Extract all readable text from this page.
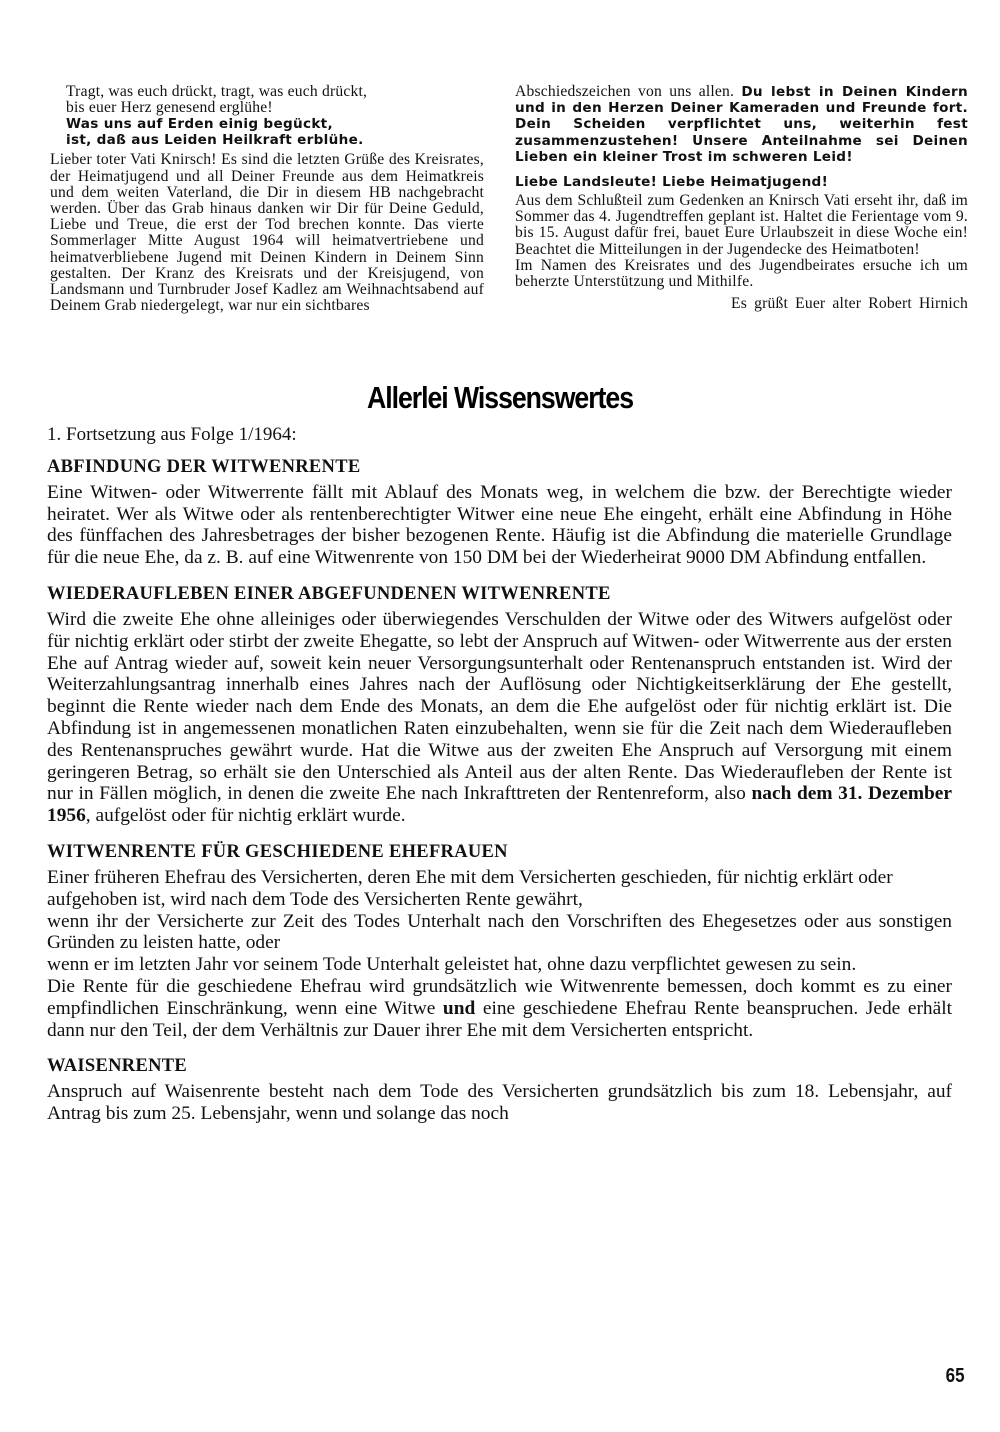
Tragt, was euch drückt, tragt, was euch drückt,
bis euer Herz genesend erglühe!
Was uns auf Erden einig begückt,
ist, daß aus Leiden Heilkraft erblühe.

Lieber toter Vati Knirsch! Es sind die letzten Grüße des Kreisrates, der Heimatjugend und all Deiner Freunde aus dem Heimatkreis und dem weiten Vaterland, die Dir in diesem HB nachgebracht werden. Über das Grab hinaus danken wir Dir für Deine Geduld, Liebe und Treue, die erst der Tod brechen konnte. Das vierte Sommerlager Mitte August 1964 will heimatvertriebene und heimatverbliebene Jugend mit Deinen Kindern in Deinem Sinn gestalten. Der Kranz des Kreisrats und der Kreisjugend, von Landsmann und Turnbruder Josef Kadlez am Weihnachtsabend auf Deinem Grab niedergelegt, war nur ein sichtbares

Abschiedszeichen von uns allen. Du lebst in Deinen Kindern und in den Herzen Deiner Kameraden und Freunde fort. Dein Scheiden verpflichtet uns, weiterhin fest zusammenzustehen! Unsere Anteilnahme sei Deinen Lieben ein kleiner Trost im schweren Leid!

Liebe Landsleute! Liebe Heimatjugend!

Aus dem Schlußteil zum Gedenken an Knirsch Vati erseht ihr, daß im Sommer das 4. Jugendtreffen geplant ist. Haltet die Ferientage vom 9. bis 15. August dafür frei, bauet Eure Urlaubszeit in diese Woche ein! Beachtet die Mitteilungen in der Jugendecke des Heimatboten!

Im Namen des Kreisrates und des Jugendbeirates ersuche ich um beherzte Unterstützung und Mithilfe.

Es grüßt Euer alter Robert Hirnich

Allerlei Wissenswertes

1. Fortsetzung aus Folge 1/1964:

ABFINDUNG DER WITWENRENTE

Eine Witwen- oder Witwerrente fällt mit Ablauf des Monats weg, in welchem die bzw. der Berechtigte wieder heiratet. Wer als Witwe oder als rentenberechtigter Witwer eine neue Ehe eingeht, erhält eine Abfindung in Höhe des fünffachen des Jahresbetrages der bisher bezogenen Rente. Häufig ist die Abfindung die materielle Grundlage für die neue Ehe, da z. B. auf eine Witwenrente von 150 DM bei der Wiederheirat 9000 DM Abfindung entfallen.

WIEDERAUFLEBEN EINER ABGEFUNDENEN WITWENRENTE

Wird die zweite Ehe ohne alleiniges oder überwiegendes Verschulden der Witwe oder des Witwers aufgelöst oder für nichtig erklärt oder stirbt der zweite Ehegatte, so lebt der Anspruch auf Witwen- oder Witwerrente aus der ersten Ehe auf Antrag wieder auf, soweit kein neuer Versorgungsunterhalt oder Rentenanspruch entstanden ist. Wird der Weiterzahlungsantrag innerhalb eines Jahres nach der Auflösung oder Nichtigkeitserklärung der Ehe gestellt, beginnt die Rente wieder nach dem Ende des Monats, an dem die Ehe aufgelöst oder für nichtig erklärt ist. Die Abfindung ist in angemessenen monatlichen Raten einzubehalten, wenn sie für die Zeit nach dem Wiederaufleben des Rentenanspruches gewährt wurde. Hat die Witwe aus der zweiten Ehe Anspruch auf Versorgung mit einem geringeren Betrag, so erhält sie den Unterschied als Anteil aus der alten Rente. Das Wiederaufleben der Rente ist nur in Fällen möglich, in denen die zweite Ehe nach Inkrafttreten der Rentenreform, also nach dem 31. Dezember 1956, aufgelöst oder für nichtig erklärt wurde.

WITWENRENTE FÜR GESCHIEDENE EHEFRAUEN

Einer früheren Ehefrau des Versicherten, deren Ehe mit dem Versicherten geschieden, für nichtig erklärt oder aufgehoben ist, wird nach dem Tode des Versicherten Rente gewährt,

wenn ihr der Versicherte zur Zeit des Todes Unterhalt nach den Vorschriften des Ehegesetzes oder aus sonstigen Gründen zu leisten hatte, oder

wenn er im letzten Jahr vor seinem Tode Unterhalt geleistet hat, ohne dazu verpflichtet gewesen zu sein.

Die Rente für die geschiedene Ehefrau wird grundsätzlich wie Witwenrente bemessen, doch kommt es zu einer empfindlichen Einschränkung, wenn eine Witwe und eine geschiedene Ehefrau Rente beanspruchen. Jede erhält dann nur den Teil, der dem Verhältnis zur Dauer ihrer Ehe mit dem Versicherten entspricht.

WAISENRENTE

Anspruch auf Waisenrente besteht nach dem Tode des Versicherten grundsätzlich bis zum 18. Lebensjahr, auf Antrag bis zum 25. Lebensjahr, wenn und solange das noch

65
